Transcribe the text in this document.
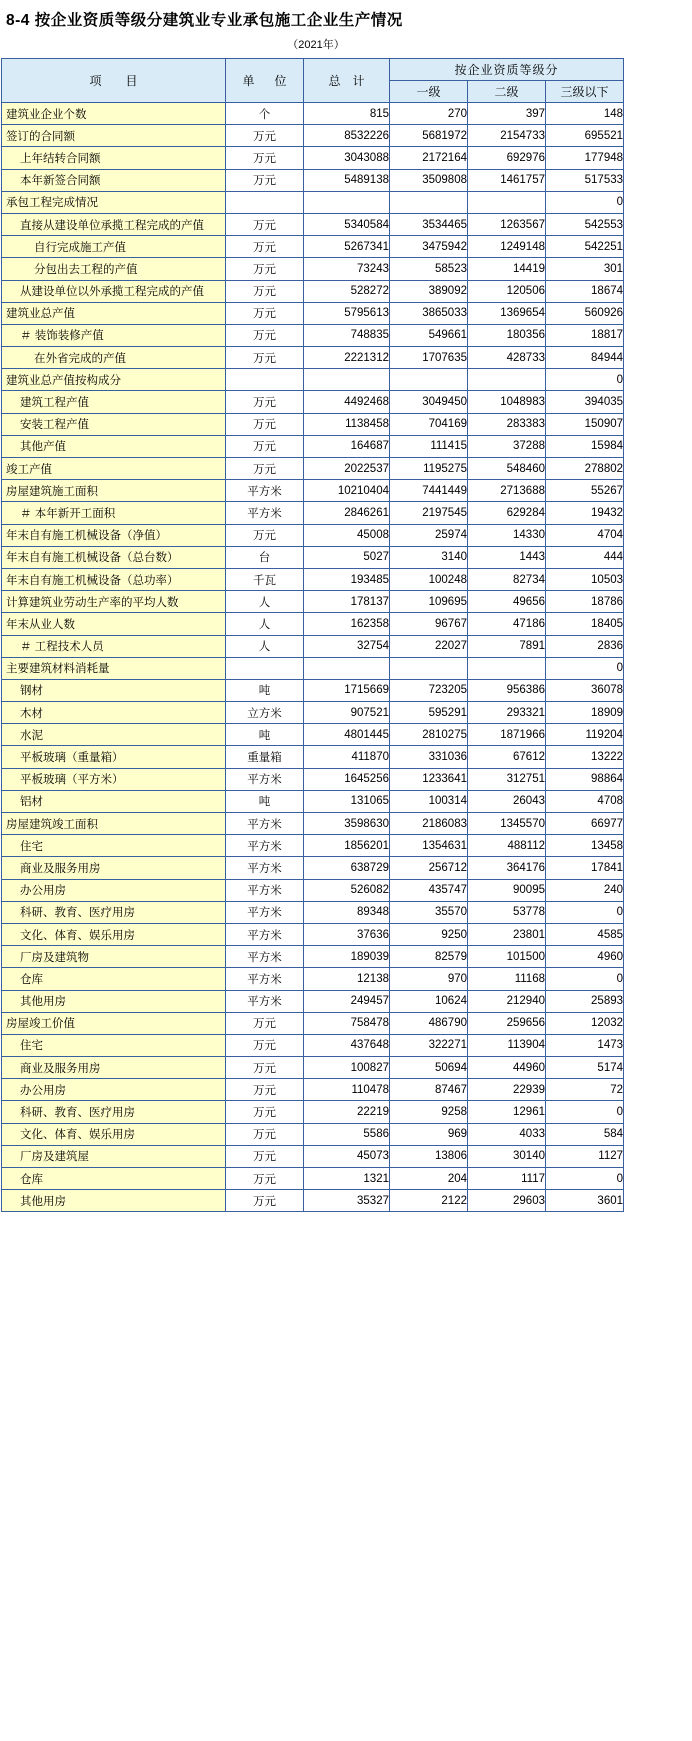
8-4 按企业资质等级分建筑业专业承包施工企业生产情况
（2021年）
项　目	单　位	总　计	按企业资质等级分		
			一级	二级	三级以下
建筑业企业个数	个	815	270	397	148
签订的合同额	万元	8532226	5681972	2154733	695521
上年结转合同额	万元	3043088	2172164	692976	177948
本年新签合同额	万元	5489138	3509808	1461757	517533
承包工程完成情况					0
直接从建设单位承揽工程完成的产值	万元	5340584	3534465	1263567	542553
自行完成施工产值	万元	5267341	3475942	1249148	542251
分包出去工程的产值	万元	73243	58523	14419	301
从建设单位以外承揽工程完成的产值	万元	528272	389092	120506	18674
建筑业总产值	万元	5795613	3865033	1369654	560926
＃ 装饰装修产值	万元	748835	549661	180356	18817
在外省完成的产值	万元	2221312	1707635	428733	84944
建筑业总产值按构成分					0
建筑工程产值	万元	4492468	3049450	1048983	394035
安装工程产值	万元	1138458	704169	283383	150907
其他产值	万元	164687	111415	37288	15984
竣工产值	万元	2022537	1195275	548460	278802
房屋建筑施工面积	平方米	10210404	7441449	2713688	55267
＃ 本年新开工面积	平方米	2846261	2197545	629284	19432
年末自有施工机械设备（净值）	万元	45008	25974	14330	4704
年末自有施工机械设备（总台数）	台	5027	3140	1443	444
年末自有施工机械设备（总功率）	千瓦	193485	100248	82734	10503
计算建筑业劳动生产率的平均人数	人	178137	109695	49656	18786
年末从业人数	人	162358	96767	47186	18405
＃ 工程技术人员	人	32754	22027	7891	2836
主要建筑材料消耗量					0
钢材	吨	1715669	723205	956386	36078
木材	立方米	907521	595291	293321	18909
水泥	吨	4801445	2810275	1871966	119204
平板玻璃（重量箱）	重量箱	411870	331036	67612	13222
平板玻璃（平方米）	平方米	1645256	1233641	312751	98864
铝材	吨	131065	100314	26043	4708
房屋建筑竣工面积	平方米	3598630	2186083	1345570	66977
住宅	平方米	1856201	1354631	488112	13458
商业及服务用房	平方米	638729	256712	364176	17841
办公用房	平方米	526082	435747	90095	240
科研、教育、医疗用房	平方米	89348	35570	53778	0
文化、体育、娱乐用房	平方米	37636	9250	23801	4585
厂房及建筑物	平方米	189039	82579	101500	4960
仓库	平方米	12138	970	11168	0
其他用房	平方米	249457	10624	212940	25893
房屋竣工价值	万元	758478	486790	259656	12032
住宅	万元	437648	322271	113904	1473
商业及服务用房	万元	100827	50694	44960	5174
办公用房	万元	110478	87467	22939	72
科研、教育、医疗用房	万元	22219	9258	12961	0
文化、体育、娱乐用房	万元	5586	969	4033	584
厂房及建筑屋	万元	45073	13806	30140	1127
仓库	万元	1321	204	1117	0
其他用房	万元	35327	2122	29603	3601
